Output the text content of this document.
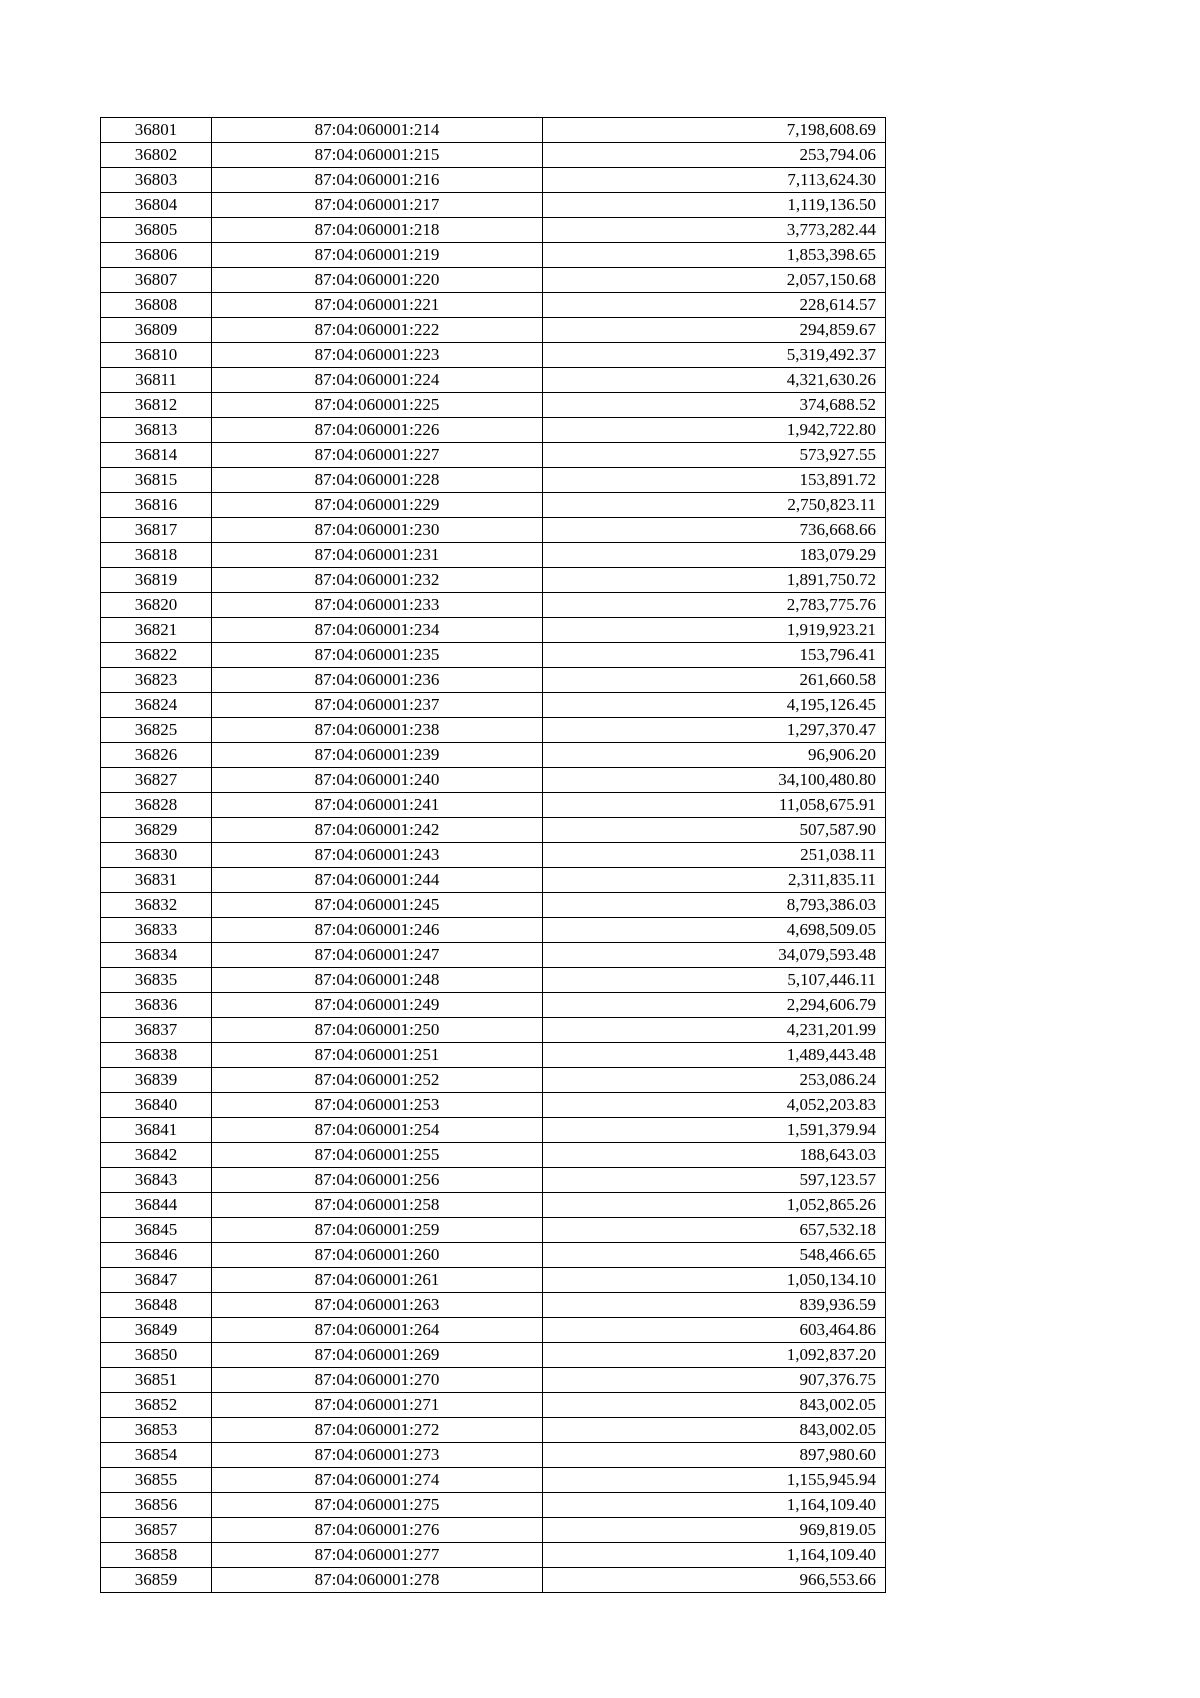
36801	87:04:060001:214	7,198,608.69
36802	87:04:060001:215	253,794.06
36803	87:04:060001:216	7,113,624.30
36804	87:04:060001:217	1,119,136.50
36805	87:04:060001:218	3,773,282.44
36806	87:04:060001:219	1,853,398.65
36807	87:04:060001:220	2,057,150.68
36808	87:04:060001:221	228,614.57
36809	87:04:060001:222	294,859.67
36810	87:04:060001:223	5,319,492.37
36811	87:04:060001:224	4,321,630.26
36812	87:04:060001:225	374,688.52
36813	87:04:060001:226	1,942,722.80
36814	87:04:060001:227	573,927.55
36815	87:04:060001:228	153,891.72
36816	87:04:060001:229	2,750,823.11
36817	87:04:060001:230	736,668.66
36818	87:04:060001:231	183,079.29
36819	87:04:060001:232	1,891,750.72
36820	87:04:060001:233	2,783,775.76
36821	87:04:060001:234	1,919,923.21
36822	87:04:060001:235	153,796.41
36823	87:04:060001:236	261,660.58
36824	87:04:060001:237	4,195,126.45
36825	87:04:060001:238	1,297,370.47
36826	87:04:060001:239	96,906.20
36827	87:04:060001:240	34,100,480.80
36828	87:04:060001:241	11,058,675.91
36829	87:04:060001:242	507,587.90
36830	87:04:060001:243	251,038.11
36831	87:04:060001:244	2,311,835.11
36832	87:04:060001:245	8,793,386.03
36833	87:04:060001:246	4,698,509.05
36834	87:04:060001:247	34,079,593.48
36835	87:04:060001:248	5,107,446.11
36836	87:04:060001:249	2,294,606.79
36837	87:04:060001:250	4,231,201.99
36838	87:04:060001:251	1,489,443.48
36839	87:04:060001:252	253,086.24
36840	87:04:060001:253	4,052,203.83
36841	87:04:060001:254	1,591,379.94
36842	87:04:060001:255	188,643.03
36843	87:04:060001:256	597,123.57
36844	87:04:060001:258	1,052,865.26
36845	87:04:060001:259	657,532.18
36846	87:04:060001:260	548,466.65
36847	87:04:060001:261	1,050,134.10
36848	87:04:060001:263	839,936.59
36849	87:04:060001:264	603,464.86
36850	87:04:060001:269	1,092,837.20
36851	87:04:060001:270	907,376.75
36852	87:04:060001:271	843,002.05
36853	87:04:060001:272	843,002.05
36854	87:04:060001:273	897,980.60
36855	87:04:060001:274	1,155,945.94
36856	87:04:060001:275	1,164,109.40
36857	87:04:060001:276	969,819.05
36858	87:04:060001:277	1,164,109.40
36859	87:04:060001:278	966,553.66
